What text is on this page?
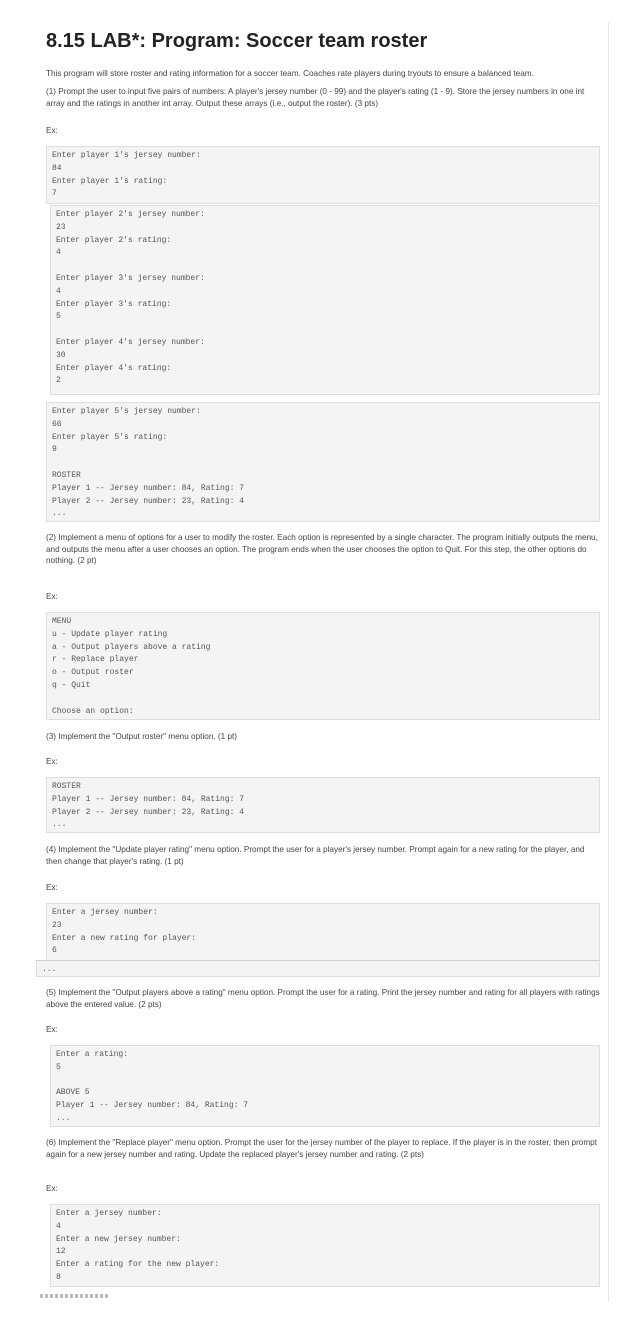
8.15 LAB*: Program: Soccer team roster

This program will store roster and rating information for a soccer team. Coaches rate players during tryouts to ensure a balanced team.

(1) Prompt the user to input five pairs of numbers: A player's jersey number (0 - 99) and the player's rating (1 - 9). Store the jersey numbers in one int array and the ratings in another int array. Output these arrays (i.e., output the roster). (3 pts)

Ex:

Enter player 1's jersey number:
84
Enter player 1's rating:
7
Enter player 2's jersey number:
23
Enter player 2's rating:
4
Enter player 3's jersey number:
4
Enter player 3's rating:
5
Enter player 4's jersey number:
30
Enter player 4's rating:
2
Enter player 5's jersey number:
66
Enter player 5's rating:
9
ROSTER
Player 1 -- Jersey number: 84, Rating: 7
Player 2 -- Jersey number: 23, Rating: 4
...

(2) Implement a menu of options for a user to modify the roster. Each option is represented by a single character. The program initially outputs the menu, and outputs the menu after a user chooses an option. The program ends when the user chooses the option to Quit. For this step, the other options do nothing. (2 pt)

Ex:

MENU
u - Update player rating
a - Output players above a rating
r - Replace player
o - Output roster
q - Quit
Choose an option:

(3) Implement the "Output roster" menu option. (1 pt)

Ex:

ROSTER
Player 1 -- Jersey number: 84, Rating: 7
Player 2 -- Jersey number: 23, Rating: 4
...

(4) Implement the "Update player rating" menu option. Prompt the user for a player's jersey number. Prompt again for a new rating for the player, and then change that player's rating. (1 pt)

Ex:

Enter a jersey number:
23
Enter a new rating for player:
6
...

(5) Implement the "Output players above a rating" menu option. Prompt the user for a rating. Print the jersey number and rating for all players with ratings above the entered value. (2 pts)

Ex:

Enter a rating:
5
ABOVE 5
Player 1 -- Jersey number: 84, Rating: 7
...

(6) Implement the "Replace player" menu option. Prompt the user for the jersey number of the player to replace. If the player is in the roster, then prompt again for a new jersey number and rating. Update the replaced player's jersey number and rating. (2 pts)

Ex:

Enter a jersey number:
4
Enter a new jersey number:
12
Enter a rating for the new player:
8
